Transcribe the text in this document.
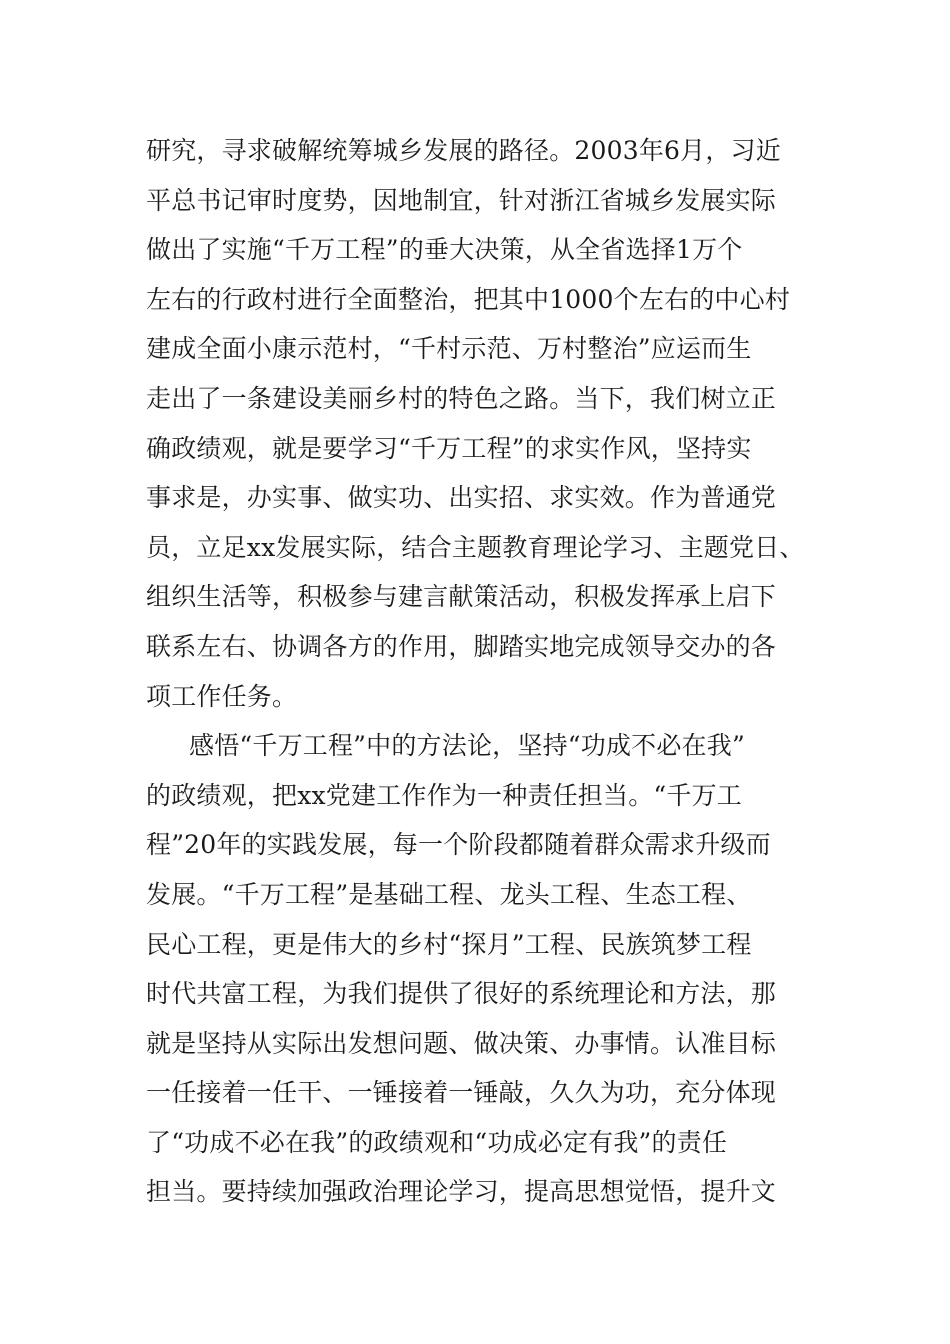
研究，寻求破解统筹城乡发展的路径。2003年6月，习近
平总书记审时度势，因地制宜，针对浙江省城乡发展实际
做出了实施“千万工程”的垂大决策，从全省选择1万个
左右的行政村进行全面整治，把其中1000个左右的中心村
建成全面小康示范村，“千村示范、万村整治”应运而生
走出了一条建设美丽乡村的特色之路。当下，我们树立正
确政绩观，就是要学习“千万工程”的求实作风，坚持实
事求是，办实事、做实功、出实招、求实效。作为普通党
员，立足xx发展实际，结合主题教育理论学习、主题党日、
组织生活等，积极参与建言献策活动，积极发挥承上启下
联系左右、协调各方的作用，脚踏实地完成领导交办的各
项工作任务。
感悟“千万工程”中的方法论，坚持“功成不必在我”
的政绩观，把xx党建工作作为一种责任担当。“千万工
程”20年的实践发展，每一个阶段都随着群众需求升级而
发展。“千万工程”是基础工程、龙头工程、生态工程、
民心工程，更是伟大的乡村“探月”工程、民族筑梦工程
时代共富工程，为我们提供了很好的系统理论和方法，那
就是坚持从实际出发想问题、做决策、办事情。认准目标
一任接着一任干、一锤接着一锤敲，久久为功，充分体现
了“功成不必在我”的政绩观和“功成必定有我”的责任
担当。要持续加强政治理论学习，提高思想觉悟，提升文
